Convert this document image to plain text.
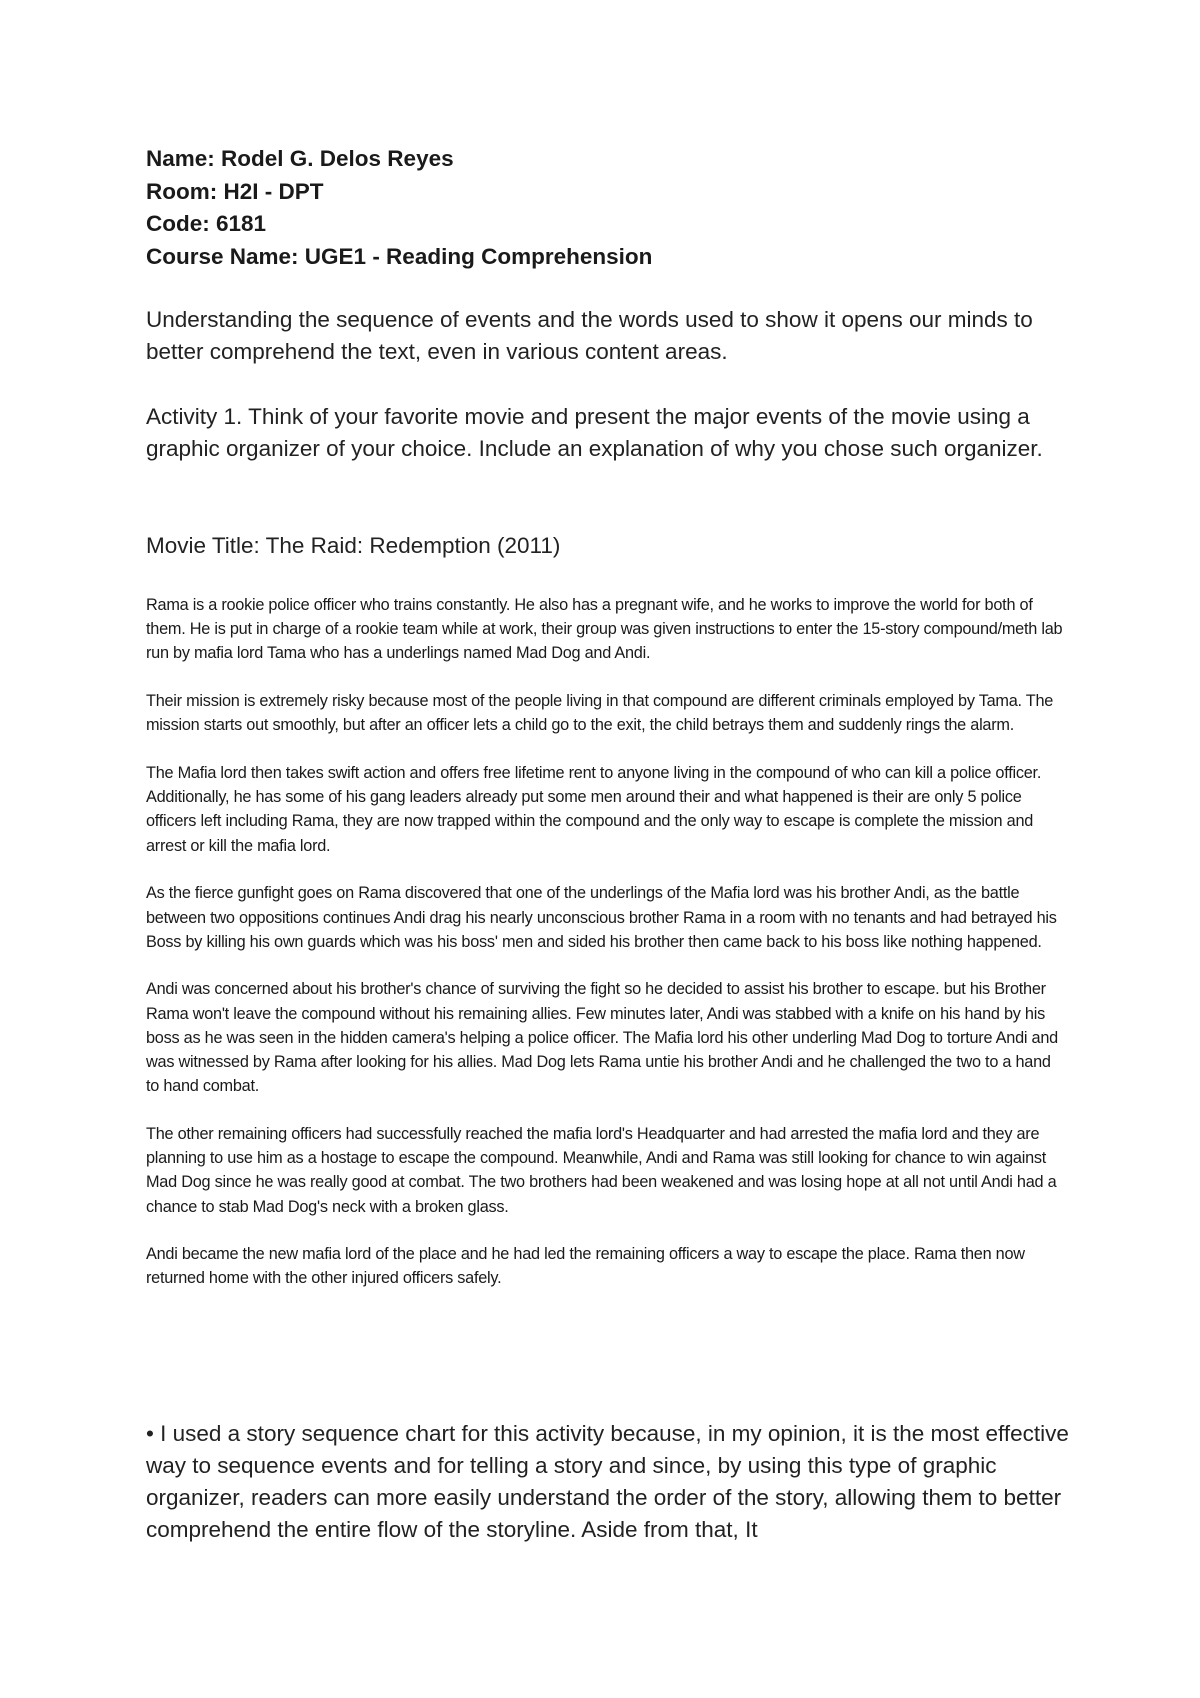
Name: Rodel G. Delos Reyes
Room: H2I - DPT
Code: 6181
Course Name: UGE1 - Reading Comprehension
Understanding the sequence of events and the words used to show it opens our minds to better comprehend the text, even in various content areas.
Activity 1. Think of your favorite movie and present the major events of the movie using a graphic organizer of your choice. Include an explanation of why you chose such organizer.
Movie Title: The Raid: Redemption (2011)

Rama is a rookie police officer who trains constantly. He also has a pregnant wife, and he works to improve the world for both of them. He is put in charge of a rookie team while at work, their group was given instructions to enter the 15-story compound/meth lab run by mafia lord Tama who has a underlings named Mad Dog and Andi.

Their mission is extremely risky because most of the people living in that compound are different criminals employed by Tama. The mission starts out smoothly, but after an officer lets a child go to the exit, the child betrays them and suddenly rings the alarm.

The Mafia lord then takes swift action and offers free lifetime rent to anyone living in the compound of who can kill a police officer. Additionally, he has some of his gang leaders already put some men around their and what happened is their are only 5 police officers left including Rama, they are now trapped within the compound and the only way to escape is complete the mission and arrest or kill the mafia lord.

As the fierce gunfight goes on Rama discovered that one of the underlings of the Mafia lord was his brother Andi, as the battle between two oppositions continues Andi drag his nearly unconscious brother Rama in a room with no tenants and had betrayed his Boss by killing his own guards which was his boss' men and sided his brother then came back to his boss like nothing happened.

Andi was concerned about his brother's chance of surviving the fight so he decided to assist his brother to escape. but his Brother Rama won't leave the compound without his remaining allies. Few minutes later, Andi was stabbed with a knife on his hand by his boss as he was seen in the hidden camera's helping a police officer. The Mafia lord his other underling Mad Dog to torture Andi and was witnessed by Rama after looking for his allies. Mad Dog lets Rama untie his brother Andi and he challenged the two to a hand to hand combat.

The other remaining officers had successfully reached the mafia lord's Headquarter and had arrested the mafia lord and they are planning to use him as a hostage to escape the compound. Meanwhile, Andi and Rama was still looking for chance to win against Mad Dog since he was really good at combat. The two brothers had been weakened and was losing hope at all not until Andi had a chance to stab Mad Dog's neck with a broken glass.

Andi became the new mafia lord of the place and he had led the remaining officers a way to escape the place. Rama then now returned home with the other injured officers safely.

• I used a story sequence chart for this activity because, in my opinion, it is the most effective way to sequence events and for telling a story and since, by using this type of graphic organizer, readers can more easily understand the order of the story, allowing them to better comprehend the entire flow of the storyline. Aside from that, It
